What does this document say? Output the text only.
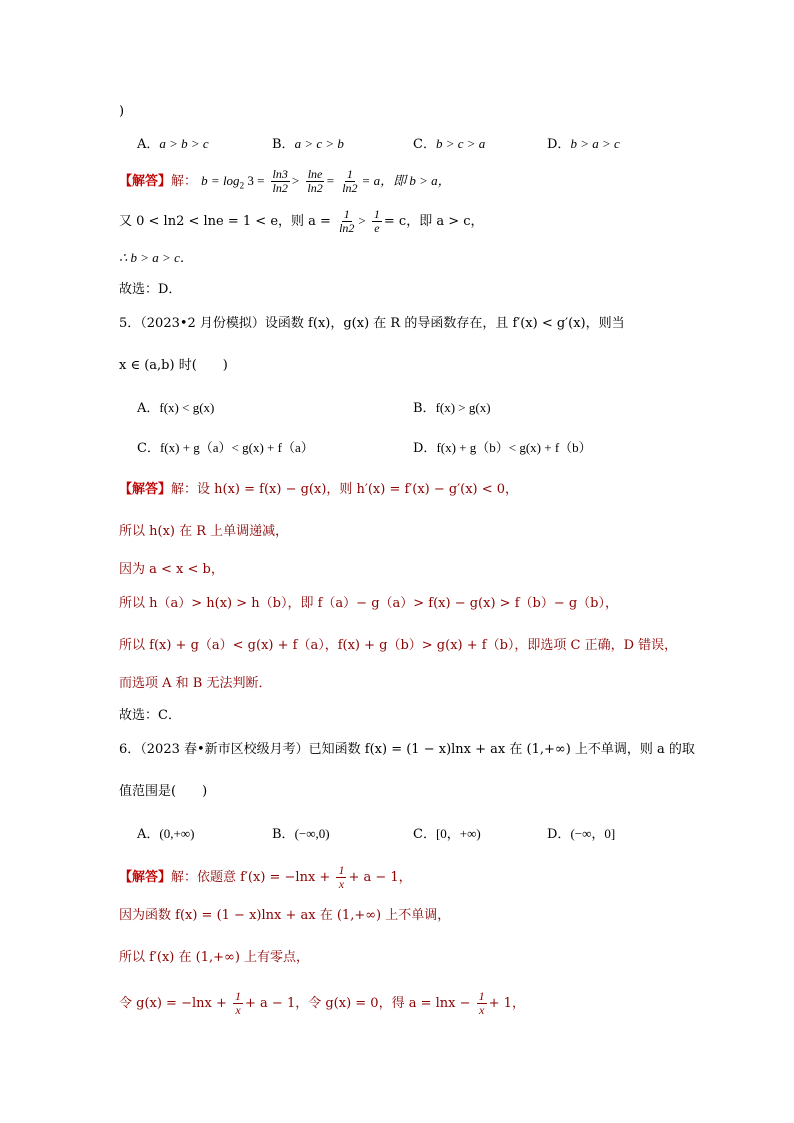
)
A．a > b > c	B．a > c > b	C．b > c > a	D．b > a > c
【解答】解： $b = \log_2 3 = \frac{\ln 3}{\ln 2} > \frac{\ln e}{\ln 2} = \frac{1}{\ln 2} = a$，即 b > a，
又 0 < ln2 < lne = 1 < e，则 $a = \frac{1}{\ln 2} > \frac{1}{e} = c$，即 a > c，
∴ b > a > c．
故选：D．
5．（2023•2 月份模拟）设函数 f(x)，g(x) 在 R 的导函数存在，且 f′(x) < g′(x)，则当
x ∈ (a,b) 时(　　)
A．f(x) < g(x)	B．f(x) > g(x)
C．f(x) + g（a）< g(x) + f（a）	D．f(x) + g（b）< g(x) + f（b）
【解答】解：设 h(x) = f(x) − g(x)，则 h′(x) = f′(x) − g′(x) < 0，
所以 h(x) 在 R 上单调递减，
因为 a < x < b，
所以 h（a）> h(x) > h（b），即 f（a）− g（a）> f(x) − g(x) > f（b）− g（b），
所以 f(x) + g（a）< g(x) + f（a），f(x) + g（b）> g(x) + f（b），即选项 C 正确，D 错误，
而选项 A 和 B 无法判断．
故选：C．
6．（2023 春•新市区校级月考）已知函数 f(x) = (1 − x)lnx + ax 在 (1,+∞) 上不单调，则 a 的取
值范围是(　　)
A．(0,+∞)	B．(−∞,0)	C．[0，+∞)	D．(−∞，0]
【解答】解：依题意 $f'(x) = -\ln x + \frac{1}{x} + a - 1$，
因为函数 f(x) = (1 − x)lnx + ax 在 (1,+∞) 上不单调，
所以 f′(x) 在 (1,+∞) 上有零点，
令 $g(x) = -\ln x + \frac{1}{x} + a - 1$，令 g(x) = 0，得 $a = \ln x - \frac{1}{x} + 1$，
